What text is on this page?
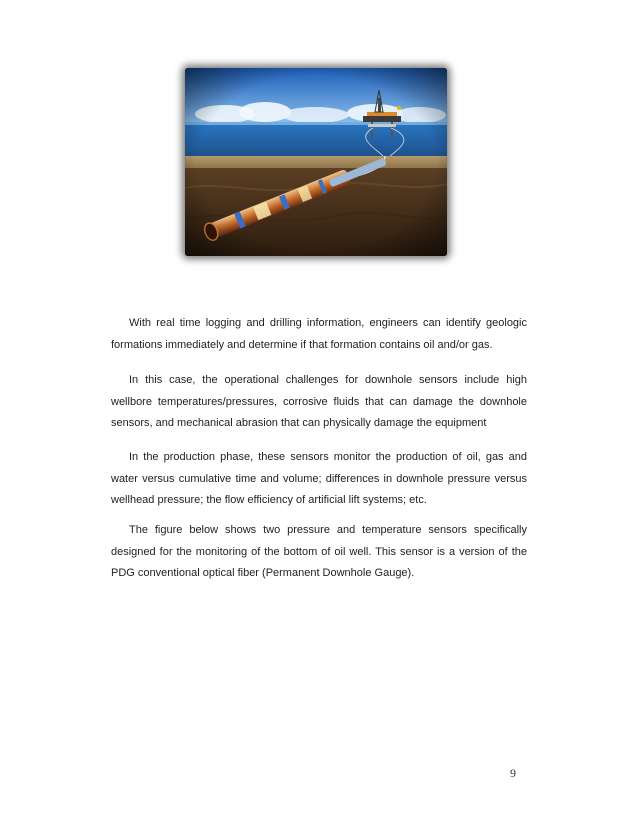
With real time logging and drilling information, engineers can identify geologic formations immediately and determine if that formation contains oil and/or gas.

In this case, the operational challenges for downhole sensors include high wellbore temperatures/pressures, corrosive fluids that can damage the downhole sensors, and mechanical abrasion that can physically damage the equipment

In the production phase, these sensors monitor the production of oil, gas and water versus cumulative time and volume; differences in downhole pressure versus wellhead pressure; the flow efficiency of artificial lift systems; etc.

The figure below shows two pressure and temperature sensors specifically designed for the monitoring of the bottom of oil well. This sensor is a version of the PDG conventional optical fiber (Permanent Downhole Gauge).

9
